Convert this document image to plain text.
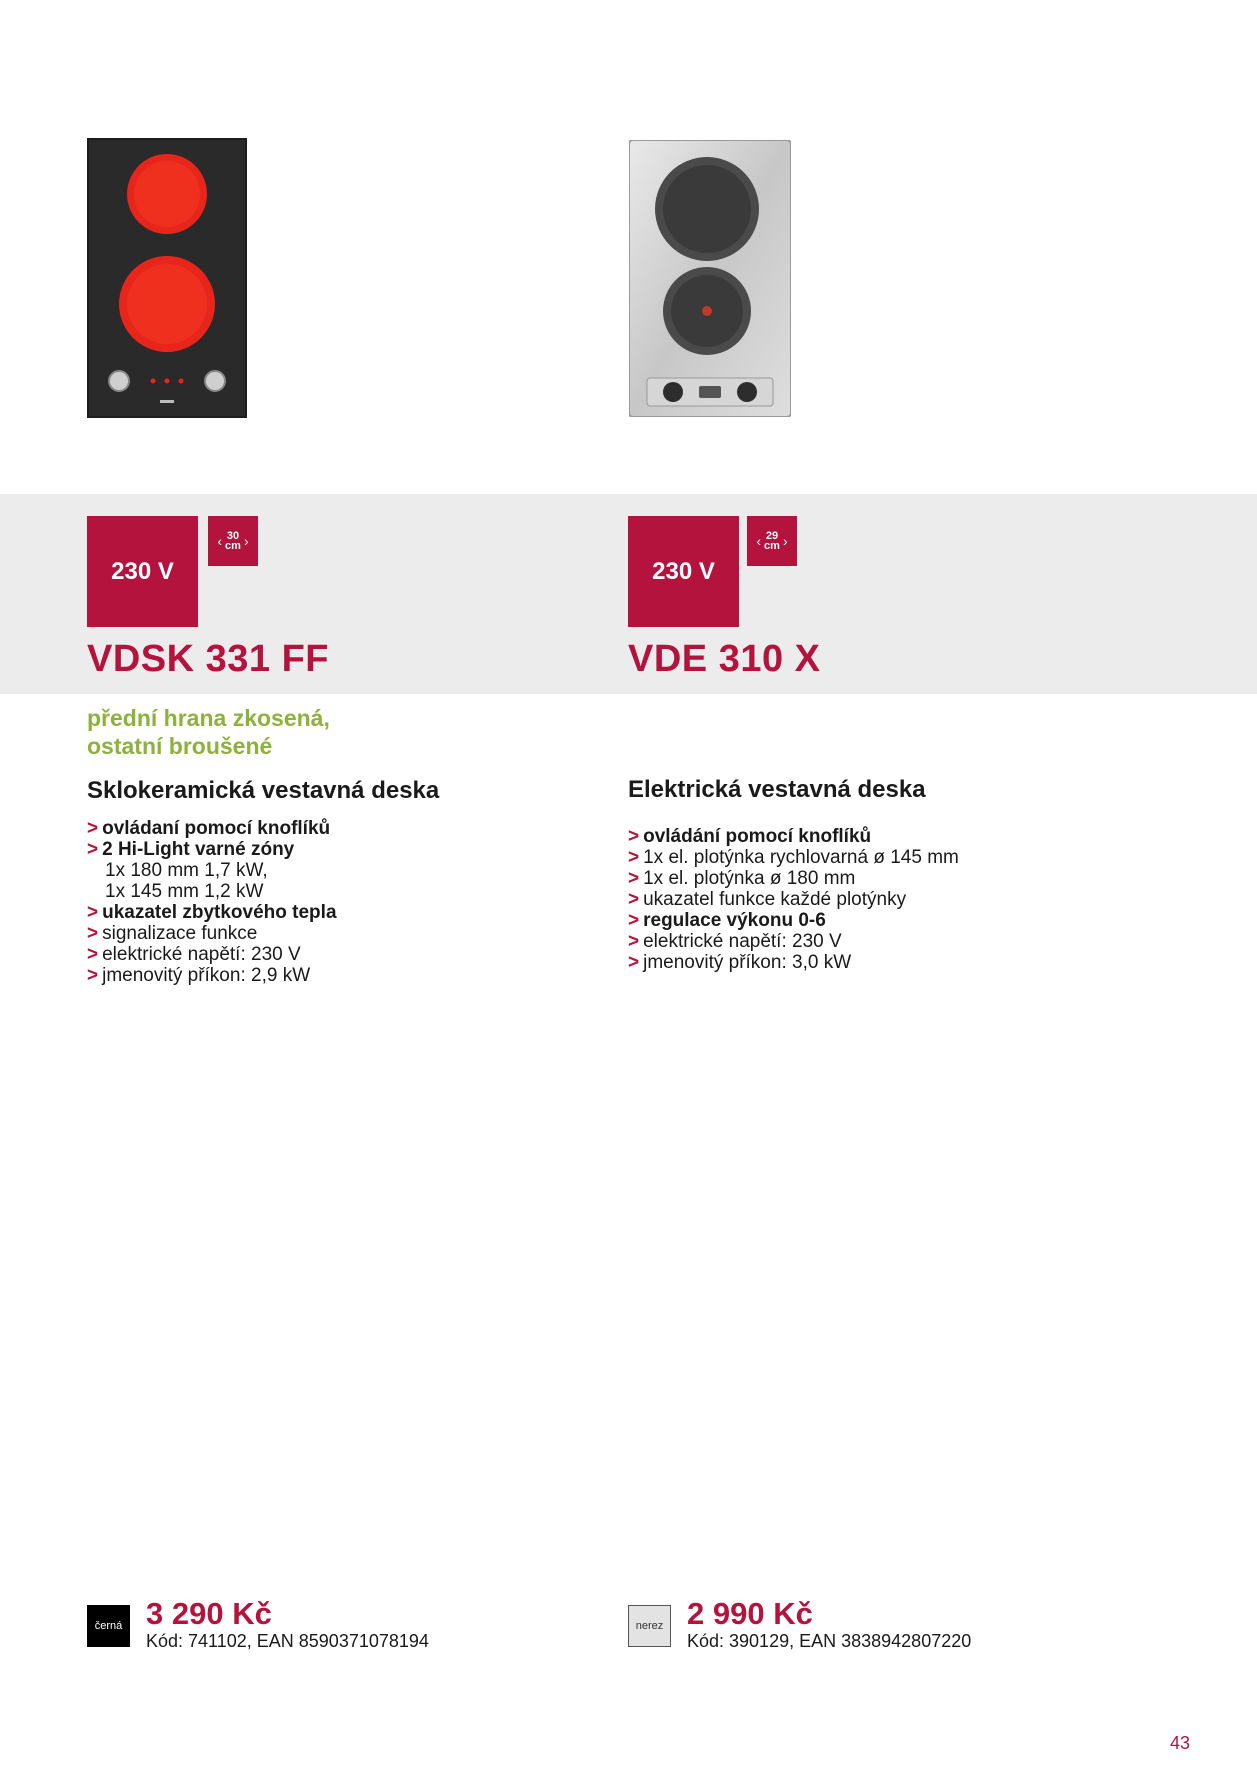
230 V
‹ 30
cm ›
VDSK 331 FF
přední hrana zkosená,
ostatní broušené
Sklokeramická vestavná deska
> ovládaní pomocí knoflíků
> 2 Hi-Light varné zóny
1x 180 mm 1,7 kW,
1x 145 mm 1,2 kW
> ukazatel zbytkového tepla
> signalizace funkce
> elektrické napětí: 230 V
> jmenovitý příkon: 2,9 kW
černá 3 290 Kč
Kód: 741102, EAN 8590371078194
230 V
‹ 29
cm ›
VDE 310 X
Elektrická vestavná deska
> ovládání pomocí knoflíků
> 1x el. plotýnka rychlovarná ø 145 mm
> 1x el. plotýnka ø 180 mm
> ukazatel funkce každé plotýnky
> regulace výkonu 0-6
> elektrické napětí: 230 V
> jmenovitý příkon: 3,0 kW
nerez 2 990 Kč
Kód: 390129, EAN 3838942807220
43
